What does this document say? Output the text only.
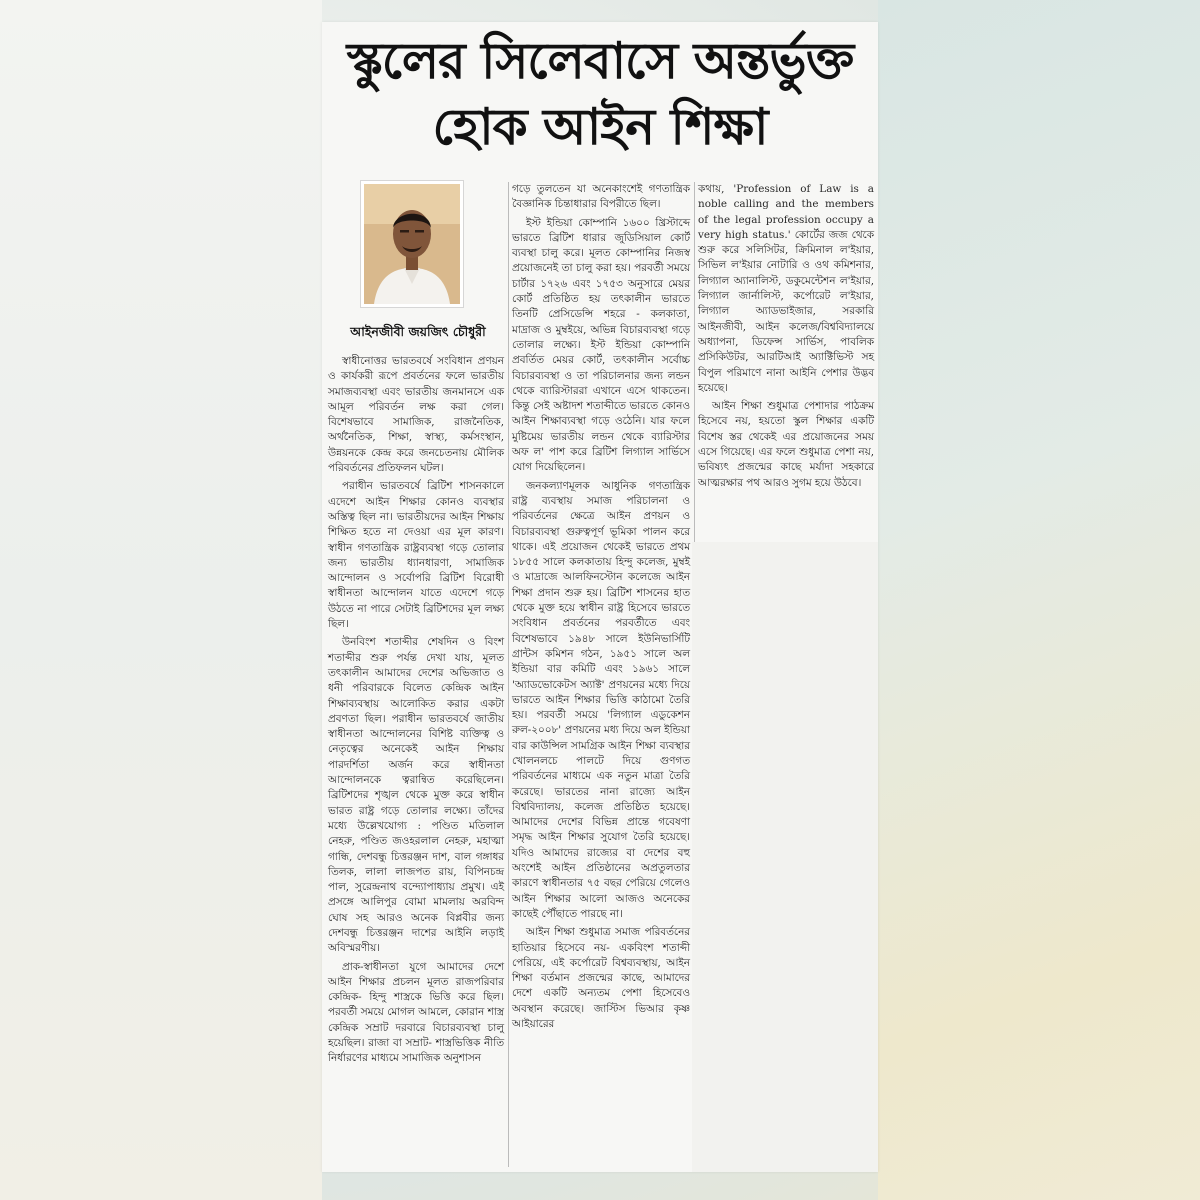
স্কুলের সিলেবাসে অন্তর্ভুক্ত
হোক আইন শিক্ষা
আইনজীবী জয়জিৎ চৌধুরী

স্বাধীনোত্তর ভারতবর্ষে সংবিধান প্রণয়ন ও কার্যকরী রূপে প্রবর্তনের ফলে ভারতীয় সমাজব্যবস্থা এবং ভারতীয় জনমানসে এক আমূল পরিবর্তন লক্ষ করা গেল। বিশেষভাবে সামাজিক, রাজনৈতিক, অর্থনৈতিক, শিক্ষা, স্বাস্থ্য, কর্মসংস্থান, উন্নয়নকে কেন্দ্র করে জনচেতনায় মৌলিক পরিবর্তনের প্রতিফলন ঘটল।

পরাধীন ভারতবর্ষে ব্রিটিশ শাসনকালে এদেশে আইন শিক্ষার কোনও ব্যবস্থার অস্তিত্ব ছিল না। ভারতীয়দের আইন শিক্ষায় শিক্ষিত হতে না দেওয়া এর মূল কারণ। স্বাধীন গণতান্ত্রিক রাষ্ট্রব্যবস্থা গড়ে তোলার জন্য ভারতীয় ধ্যানধারণা, সামাজিক আন্দোলন ও সর্বোপরি ব্রিটিশ বিরোধী স্বাধীনতা আন্দোলন যাতে এদেশে গড়ে উঠতে না পারে সেটাই ব্রিটিশদের মূল লক্ষ্য ছিল।

উনবিংশ শতাব্দীর শেষদিন ও বিংশ শতাব্দীর শুরু পর্যন্ত দেখা যায়, মূলত তৎকালীন আমাদের দেশের অভিজাত ও ধনী পরিবারকে বিলেত কেন্দ্রিক আইন শিক্ষাব্যবস্থায় আলোকিত করার একটা প্রবণতা ছিল। পরাধীন ভারতবর্ষে জাতীয় স্বাধীনতা আন্দোলনের বিশিষ্ট ব্যক্তিত্ব ও নেতৃত্বের অনেকেই আইন শিক্ষায় পারদর্শিতা অর্জন করে স্বাধীনতা আন্দোলনকে ত্বরান্বিত করেছিলেন। ব্রিটিশদের শৃঙ্খল থেকে মুক্ত করে স্বাধীন ভারত রাষ্ট্র গড়ে তোলার লক্ষ্যে। তাঁদের মধ্যে উল্লেখযোগ্য : পণ্ডিত মতিলাল নেহরু, পণ্ডিত জওহরলাল নেহরু, মহাত্মা গান্ধি, দেশবন্ধু চিত্তরঞ্জন দাশ, বাল গঙ্গাধর তিলক, লালা লাজপত রায়, বিপিনচন্দ্র পাল, সুরেন্দ্রনাথ বন্দ্যোপাধ্যায় প্রমুখ। এই প্রসঙ্গে আলিপুর বোমা মামলায় অরবিন্দ ঘোষ সহ আরও অনেক বিপ্লবীর জন্য দেশবন্ধু চিত্তরঞ্জন দাশের আইনি লড়াই অবিস্মরণীয়।

প্রাক-স্বাধীনতা যুগে আমাদের দেশে আইন শিক্ষার প্রচলন মূলত রাজপরিবার কেন্দ্রিক- হিন্দু শাস্ত্রকে ভিত্তি করে ছিল। পরবর্তী সময়ে মোগল আমলে, কোরান শাস্ত্র কেন্দ্রিক সম্রাট দরবারে বিচারব্যবস্থা চালু হয়েছিল। রাজা বা সম্রাট- শাস্ত্রভিত্তিক নীতি নির্ধারণের মাধ্যমে সামাজিক অনুশাসন

গড়ে তুলতেন যা অনেকাংশেই গণতান্ত্রিক বৈজ্ঞানিক চিন্তাধারার বিপরীতে ছিল।

ইস্ট ইন্ডিয়া কোম্পানি ১৬০০ খ্রিস্টাব্দে ভারতে ব্রিটিশ ধারার জুডিসিয়াল কোর্ট ব্যবস্থা চালু করে। মূলত কোম্পানির নিজস্ব প্রয়োজনেই তা চালু করা হয়। পরবর্তী সময়ে চার্টার ১৭২৬ এবং ১৭৫৩ অনুসারে মেয়র কোর্ট প্রতিষ্ঠিত হয় তৎকালীন ভারতে তিনটি প্রেসিডেন্সি শহরে - কলকাতা, মাদ্রাজ ও মুম্বইয়ে, অভিন্ন বিচারব্যবস্থা গড়ে তোলার লক্ষ্যে। ইস্ট ইন্ডিয়া কোম্পানি প্রবর্তিত মেয়র কোর্ট, তৎকালীন সর্বোচ্চ বিচারব্যবস্থা ও তা পরিচালনার জন্য লন্ডন থেকে ব্যারিস্টাররা এখানে এসে থাকতেন। কিন্তু সেই অষ্টাদশ শতাব্দীতে ভারতে কোনও আইন শিক্ষাব্যবস্থা গড়ে ওঠেনি। যার ফলে মুষ্টিমেয় ভারতীয় লন্ডন থেকে ব্যারিস্টার অফ ল' পাশ করে ব্রিটিশ লিগ্যাল সার্ভিসে যোগ দিয়েছিলেন।

জনকল্যাণমূলক আধুনিক গণতান্ত্রিক রাষ্ট্র ব্যবস্থায় সমাজ পরিচালনা ও পরিবর্তনের ক্ষেত্রে আইন প্রণয়ন ও বিচারব্যবস্থা গুরুত্বপূর্ণ ভূমিকা পালন করে থাকে। এই প্রয়োজন থেকেই ভারতে প্রথম ১৮৫৫ সালে কলকাতায় হিন্দু কলেজ, মুম্বই ও মাদ্রাজে আলফিনস্টোন কলেজে আইন শিক্ষা প্রদান শুরু হয়। ব্রিটিশ শাসনের হাত থেকে মুক্ত হয়ে স্বাধীন রাষ্ট্র হিসেবে ভারতে সংবিধান প্রবর্তনের পরবর্তীতে এবং বিশেষভাবে ১৯৪৮ সালে ইউনিভার্সিটি গ্রান্টস কমিশন গঠন, ১৯৫১ সালে অল ইন্ডিয়া বার কমিটি এবং ১৯৬১ সালে 'অ্যাডভোকেটস অ্যাক্ট' প্রণয়নের মধ্যে দিয়ে ভারতে আইন শিক্ষার ভিত্তি কাঠামো তৈরি হয়। পরবর্তী সময়ে 'লিগ্যাল এডুকেশন রুল-২০০৮' প্রণয়নের মধ্য দিয়ে অল ইন্ডিয়া বার কাউন্সিল সামগ্রিক আইন শিক্ষা ব্যবস্থার খোলনলচে পালটে দিয়ে গুণগত পরিবর্তনের মাধ্যমে এক নতুন মাত্রা তৈরি করেছে। ভারতের নানা রাজ্যে আইন বিশ্ববিদ্যালয়, কলেজ প্রতিষ্ঠিত হয়েছে। আমাদের দেশের বিভিন্ন প্রান্তে গবেষণা সমৃদ্ধ আইন শিক্ষার সুযোগ তৈরি হয়েছে। যদিও আমাদের রাজ্যের বা দেশের বহু অংশেই আইন প্রতিষ্ঠানের অপ্রতুলতার কারণে স্বাধীনতার ৭৫ বছর পেরিয়ে গেলেও আইন শিক্ষার আলো আজও অনেকের কাছেই পৌঁছাতে পারছে না।

আইন শিক্ষা শুধুমাত্র সমাজ পরিবর্তনের হাতিয়ার হিসেবে নয়- একবিংশ শতাব্দী পেরিয়ে, এই কর্পোরেট বিশ্বব্যবস্থায়, আইন শিক্ষা বর্তমান প্রজন্মের কাছে, আমাদের দেশে একটি অন্যতম পেশা হিসেবেও অবস্থান করেছে। জাস্টিস ভিআর কৃষ্ণ আইয়ারের

কথায়, 'Profession of Law is a noble calling and the members of the legal profession occupy a very high status.' কোর্টের জজ থেকে শুরু করে সলিসিটর, ক্রিমিনাল ল'ইয়ার, সিভিল ল'ইয়ার নোটারি ও ওথ কমিশনার, লিগ্যাল অ্যানালিস্ট, ডকুমেন্টেশন ল'ইয়ার, লিগ্যাল জার্নালিস্ট, কর্পোরেট ল'ইয়ার, লিগ্যাল অ্যাডভাইজার, সরকারি আইনজীবী, আইন কলেজ/বিশ্ববিদ্যালয়ে অধ্যাপনা, ডিফেন্স সার্ভিস, পাবলিক প্রসিকিউটর, আরটিআই অ্যাক্টিভিস্ট সহ বিপুল পরিমাণে নানা আইনি পেশার উদ্ভব হয়েছে।

আইন শিক্ষা শুধুমাত্র পেশাদার পাঠক্রম হিসেবে নয়, হয়তো স্কুল শিক্ষার একটি বিশেষ স্তর থেকেই এর প্রয়োজনের সময় এসে গিয়েছে। এর ফলে শুধুমাত্র পেশা নয়, ভবিষ্যৎ প্রজন্মের কাছে মর্যাদা সহকারে আত্মরক্ষার পথ আরও সুগম হয়ে উঠবে।
